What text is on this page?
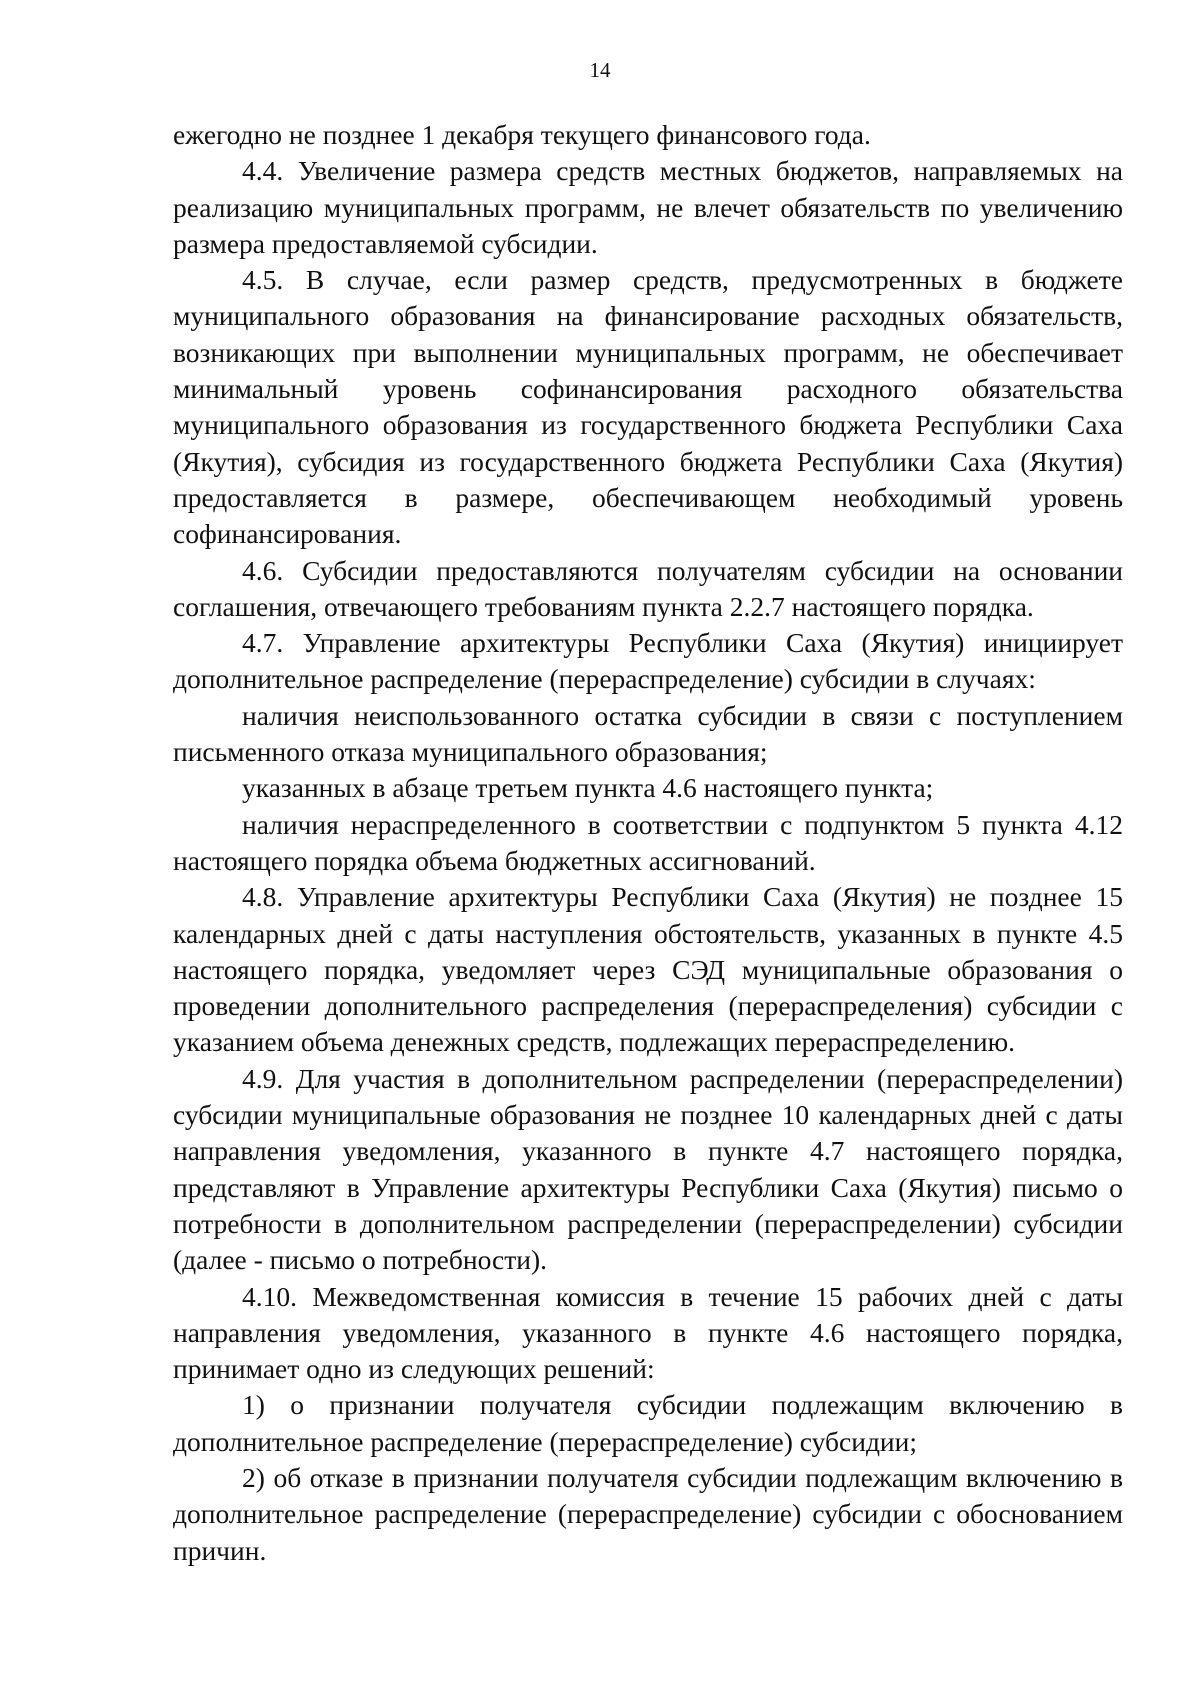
14

ежегодно не позднее 1 декабря текущего финансового года.

4.4. Увеличение размера средств местных бюджетов, направляемых на реализацию муниципальных программ, не влечет обязательств по увеличению размера предоставляемой субсидии.

4.5. В случае, если размер средств, предусмотренных в бюджете муниципального образования на финансирование расходных обязательств, возникающих при выполнении муниципальных программ, не обеспечивает минимальный уровень софинансирования расходного обязательства муниципального образования из государственного бюджета Республики Саха (Якутия), субсидия из государственного бюджета Республики Саха (Якутия) предоставляется в размере, обеспечивающем необходимый уровень софинансирования.

4.6. Субсидии предоставляются получателям субсидии на основании соглашения, отвечающего требованиям пункта 2.2.7 настоящего порядка.

4.7. Управление архитектуры Республики Саха (Якутия) инициирует дополнительное распределение (перераспределение) субсидии в случаях:

наличия неиспользованного остатка субсидии в связи с поступлением письменного отказа муниципального образования;

указанных в абзаце третьем пункта 4.6 настоящего пункта;

наличия нераспределенного в соответствии с подпунктом 5 пункта 4.12 настоящего порядка объема бюджетных ассигнований.

4.8. Управление архитектуры Республики Саха (Якутия) не позднее 15 календарных дней с даты наступления обстоятельств, указанных в пункте 4.5 настоящего порядка, уведомляет через СЭД муниципальные образования о проведении дополнительного распределения (перераспределения) субсидии с указанием объема денежных средств, подлежащих перераспределению.

4.9. Для участия в дополнительном распределении (перераспределении) субсидии муниципальные образования не позднее 10 календарных дней с даты направления уведомления, указанного в пункте 4.7 настоящего порядка, представляют в Управление архитектуры Республики Саха (Якутия) письмо о потребности в дополнительном распределении (перераспределении) субсидии (далее - письмо о потребности).

4.10. Межведомственная комиссия в течение 15 рабочих дней с даты направления уведомления, указанного в пункте 4.6 настоящего порядка, принимает одно из следующих решений:

1) о признании получателя субсидии подлежащим включению в дополнительное распределение (перераспределение) субсидии;

2) об отказе в признании получателя субсидии подлежащим включению в дополнительное распределение (перераспределение) субсидии с обоснованием причин.
